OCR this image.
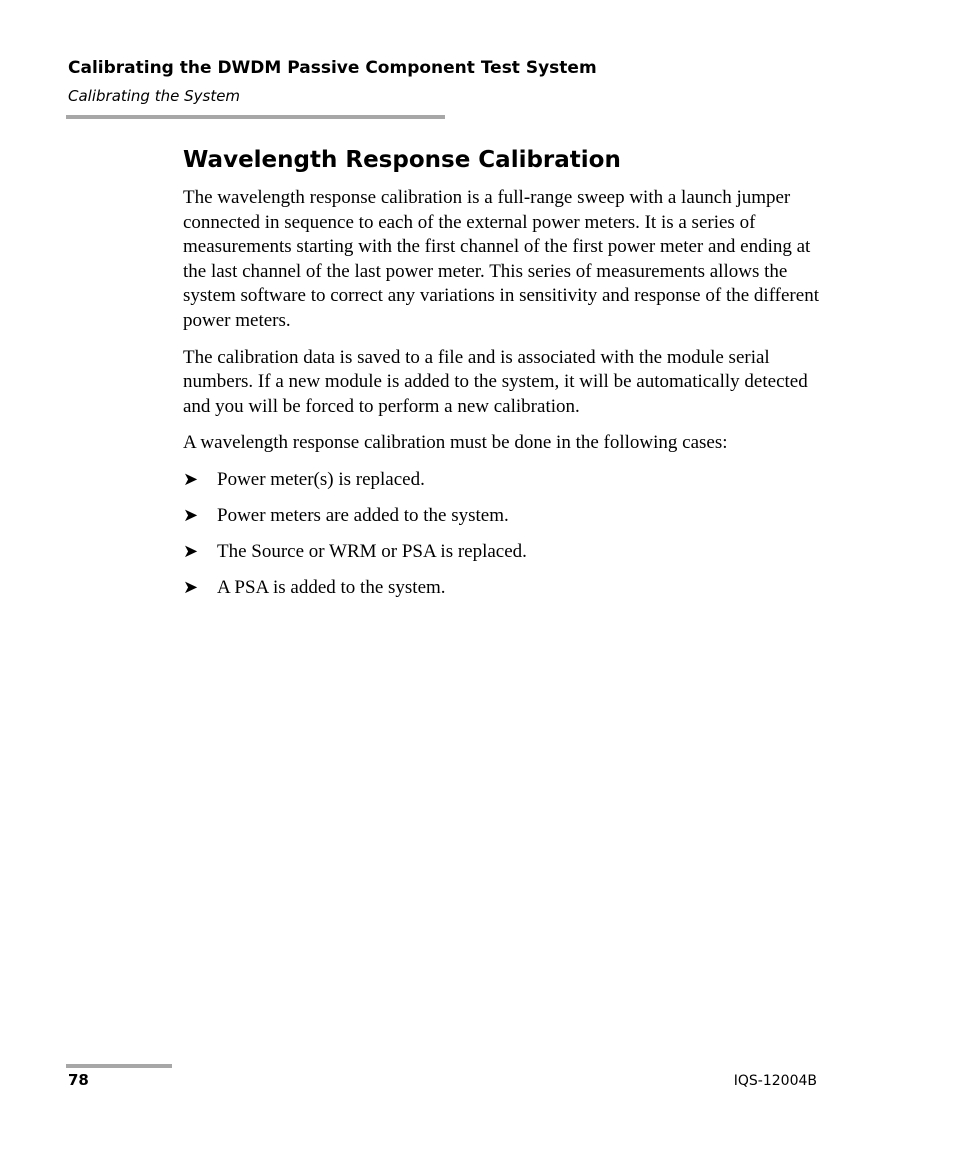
Calibrating the DWDM Passive Component Test System
Calibrating the System
Wavelength Response Calibration

The wavelength response calibration is a full-range sweep with a launch jumper connected in sequence to each of the external power meters. It is a series of measurements starting with the first channel of the first power meter and ending at the last channel of the last power meter. This series of measurements allows the system software to correct any variations in sensitivity and response of the different power meters.

The calibration data is saved to a file and is associated with the module serial numbers. If a new module is added to the system, it will be automatically detected and you will be forced to perform a new calibration.

A wavelength response calibration must be done in the following cases:

➤ Power meter(s) is replaced.
➤ Power meters are added to the system.
➤ The Source or WRM or PSA is replaced.
➤ A PSA is added to the system.
78	IQS-12004B
